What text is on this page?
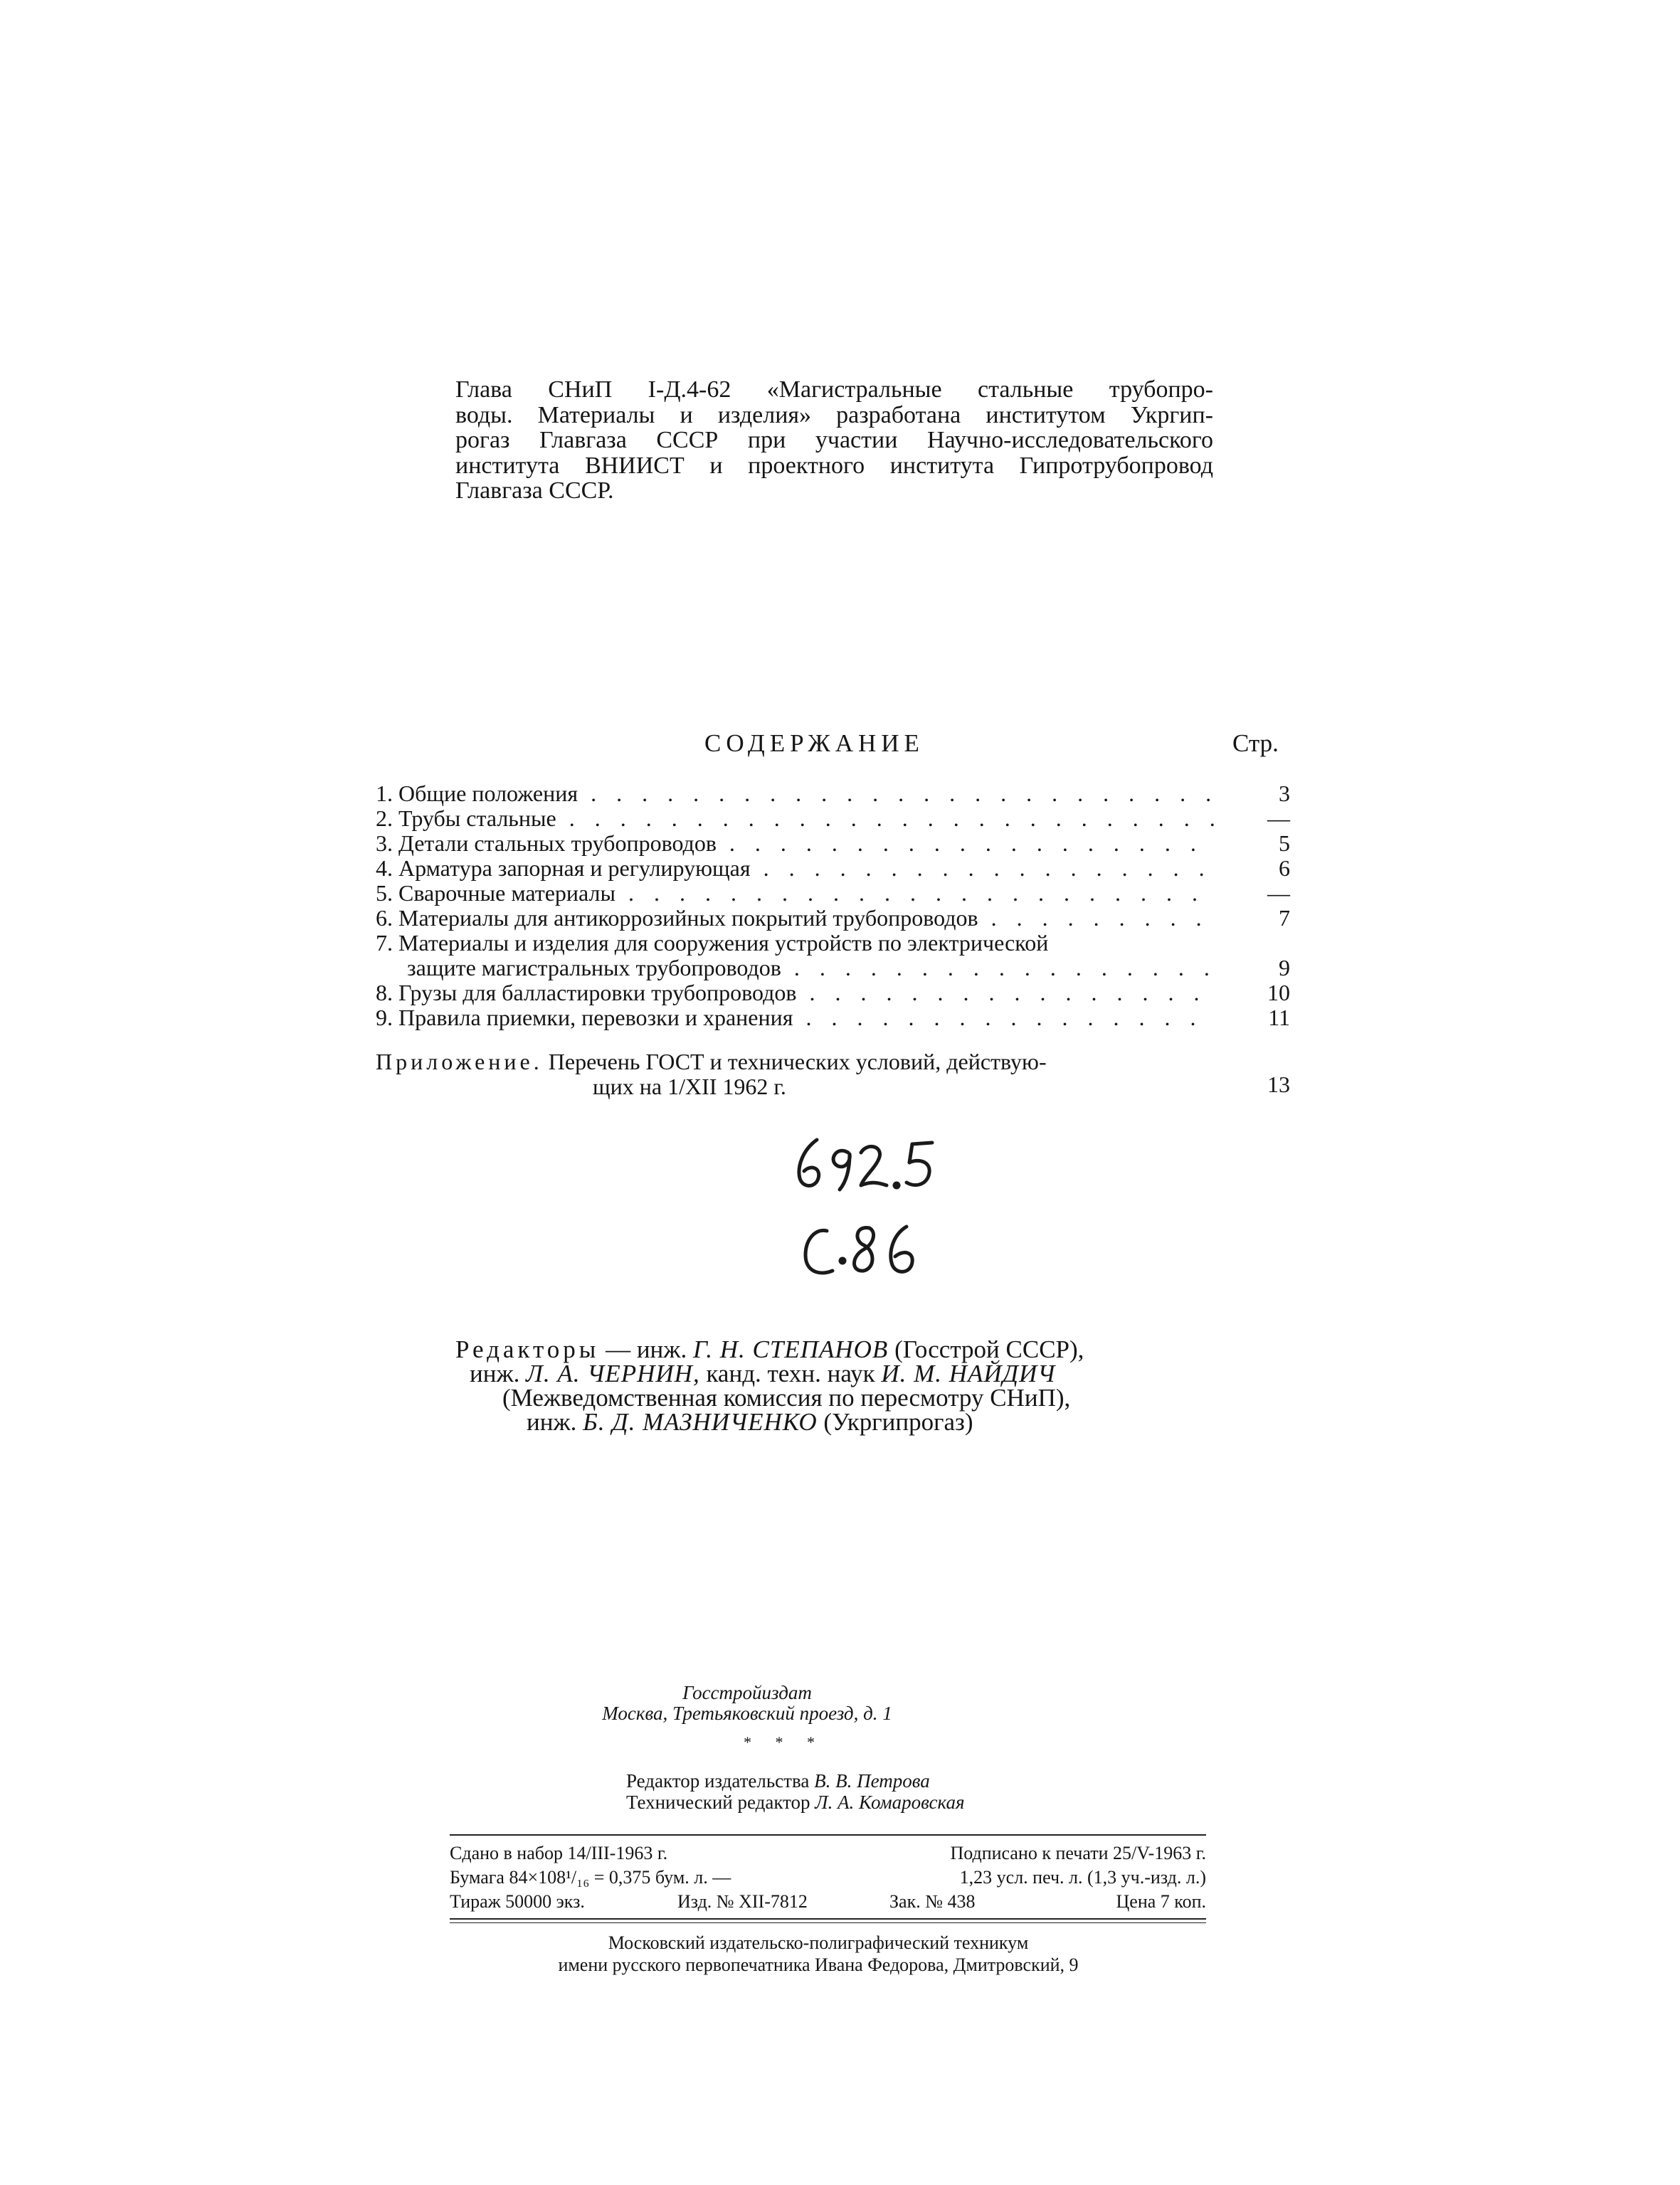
Глава СНиП I-Д.4-62 «Магистральные стальные трубопро-
воды. Материалы и изделия» разработана институтом Укргип-
рогаз Главгаза СССР при участии Научно-исследовательского
института ВНИИСТ и проектного института Гипротрубопровод
Главгаза СССР.
СОДЕРЖАНИЕ	Стр.
1. Общие положения . . .	3
2. Трубы стальные . . .	—
3. Детали стальных трубопроводов . . .	5
4. Арматура запорная и регулирующая . . .	6
5. Сварочные материалы . . .	—
6. Материалы для антикоррозийных покрытий трубопроводов . . .	7
7. Материалы и изделия для сооружения устройств по электрической
защите магистральных трубопроводов . . .	9
8. Грузы для балластировки трубопроводов . . .	10
9. Правила приемки, перевозки и хранения . . .	11
Приложение. Перечень ГОСТ и технических условий, действую-
щих на 1/XII 1962 г.	13
Редакторы — инж. Г. Н. СТЕПАНОВ (Госстрой СССР),
инж. Л. А. ЧЕРНИН, канд. техн. наук И. М. НАЙДИЧ
(Межведомственная комиссия по пересмотру СНиП),
инж. Б. Д. МАЗНИЧЕНКО (Укргипрогаз)
Госстройиздат
Москва, Третьяковский проезд, д. 1
* * *
Редактор издательства В. В. Петрова
Технический редактор Л. А. Комаровская
Сдано в набор 14/III-1963 г.	Подписано к печати 25/V-1963 г.
Бумага 84×108¹/₁₆ = 0,375 бум. л. —	1,23 усл. печ. л. (1,3 уч.-изд. л.)
Тираж 50000 экз.	Изд. № XII-7812	Зак. № 438	Цена 7 коп.
Московский издательско-полиграфический техникум
имени русского первопечатника Ивана Федорова, Дмитровский, 9
